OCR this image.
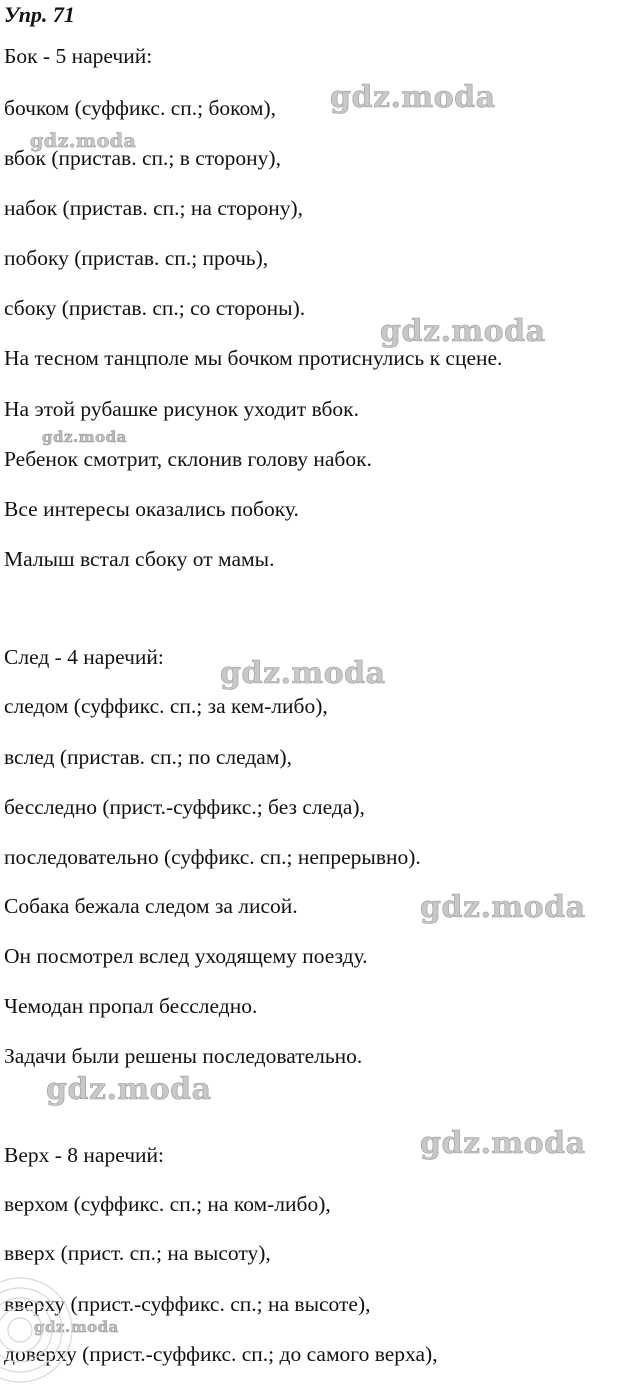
Упр. 71
Бок - 5 наречий:
бочком (суффикс. сп.; боком),
вбок (пристав. сп.; в сторону),
набок (пристав. сп.; на сторону),
побоку (пристав. сп.; прочь),
сбоку (пристав. сп.; со стороны).
На тесном танцполе мы бочком протиснулись к сцене.
На этой рубашке рисунок уходит вбок.
Ребенок смотрит, склонив голову набок.
Все интересы оказались побоку.
Малыш встал сбоку от мамы.
След - 4 наречий:
следом (суффикс. сп.; за кем-либо),
вслед (пристав. сп.; по следам),
бесследно (прист.-суффикс.; без следа),
последовательно (суффикс. сп.; непрерывно).
Собака бежала следом за лисой.
Он посмотрел вслед уходящему поезду.
Чемодан пропал бесследно.
Задачи были решены последовательно.
Верх - 8 наречий:
верхом (суффикс. сп.; на ком-либо),
вверх (прист. сп.; на высоту),
вверху (прист.-суффикс. сп.; на высоте),
доверху (прист.-суффикс. сп.; до самого верха),
gdz.moda
gdz.moda
gdz.moda
gdz.moda
gdz.moda
gdz.moda
gdz.moda
gdz.moda
gdz.moda
